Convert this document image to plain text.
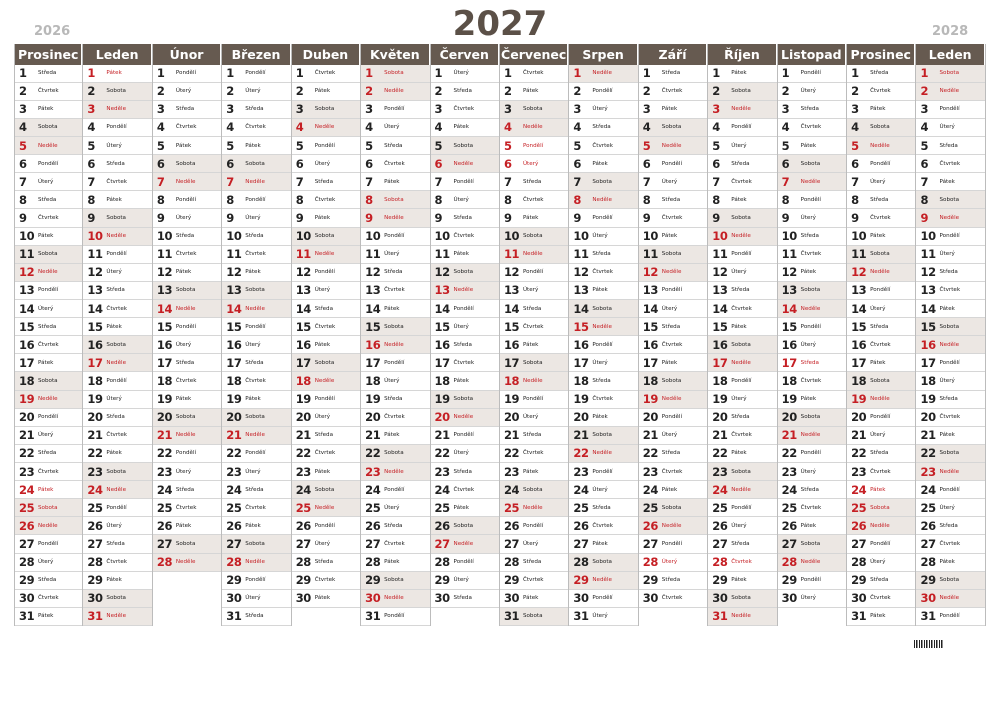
2026	2027	2028
Prosinec
1	Středa
2	Čtvrtek
3	Pátek
4	Sobota
5	Neděle
6	Pondělí
7	Úterý
8	Středa
9	Čtvrtek
10 Pátek
11 Sobota
12 Neděle
13 Pondělí
14 Úterý
15 Středa
16 Čtvrtek
17 Pátek
18 Sobota
19 Neděle
20 Pondělí
21 Úterý
22 Středa
23 Čtvrtek
24 Pátek
25 Sobota
26 Neděle
27 Pondělí
28 Úterý
29 Středa
30 Čtvrtek
31 Pátek
Leden
1	Pátek
2	Sobota
3	Neděle
4	Pondělí
5	Úterý
6	Středa
7	Čtvrtek
8	Pátek
9	Sobota
10 Neděle
11 Pondělí
12 Úterý
13 Středa
14 Čtvrtek
15 Pátek
16 Sobota
17 Neděle
18 Pondělí
19 Úterý
20 Středa
21 Čtvrtek
22 Pátek
23 Sobota
24 Neděle
25 Pondělí
26 Úterý
27 Středa
28 Čtvrtek
29 Pátek
30 Sobota
31 Neděle
Únor
1	Pondělí
2	Úterý
3	Středa
4	Čtvrtek
5	Pátek
6	Sobota
7	Neděle
8	Pondělí
9	Úterý
10 Středa
11 Čtvrtek
12 Pátek
13 Sobota
14 Neděle
15 Pondělí
16 Úterý
17 Středa
18 Čtvrtek
19 Pátek
20 Sobota
21 Neděle
22 Pondělí
23 Úterý
24 Středa
25 Čtvrtek
26 Pátek
27 Sobota
28 Neděle
Březen
1	Pondělí
2	Úterý
3	Středa
4	Čtvrtek
5	Pátek
6	Sobota
7	Neděle
8	Pondělí
9	Úterý
10 Středa
11 Čtvrtek
12 Pátek
13 Sobota
14 Neděle
15 Pondělí
16 Úterý
17 Středa
18 Čtvrtek
19 Pátek
20 Sobota
21 Neděle
22 Pondělí
23 Úterý
24 Středa
25 Čtvrtek
26 Pátek
27 Sobota
28 Neděle
29 Pondělí
30 Úterý
31 Středa
Duben
1	Čtvrtek
2	Pátek
3	Sobota
4	Neděle
5	Pondělí
6	Úterý
7	Středa
8	Čtvrtek
9	Pátek
10 Sobota
11 Neděle
12 Pondělí
13 Úterý
14 Středa
15 Čtvrtek
16 Pátek
17 Sobota
18 Neděle
19 Pondělí
20 Úterý
21 Středa
22 Čtvrtek
23 Pátek
24 Sobota
25 Neděle
26 Pondělí
27 Úterý
28 Středa
29 Čtvrtek
30 Pátek
Květen
1	Sobota
2	Neděle
3	Pondělí
4	Úterý
5	Středa
6	Čtvrtek
7	Pátek
8	Sobota
9	Neděle
10 Pondělí
11 Úterý
12 Středa
13 Čtvrtek
14 Pátek
15 Sobota
16 Neděle
17 Pondělí
18 Úterý
19 Středa
20 Čtvrtek
21 Pátek
22 Sobota
23 Neděle
24 Pondělí
25 Úterý
26 Středa
27 Čtvrtek
28 Pátek
29 Sobota
30 Neděle
31 Pondělí
Červen
1	Úterý
2	Středa
3	Čtvrtek
4	Pátek
5	Sobota
6	Neděle
7	Pondělí
8	Úterý
9	Středa
10 Čtvrtek
11 Pátek
12 Sobota
13 Neděle
14 Pondělí
15 Úterý
16 Středa
17 Čtvrtek
18 Pátek
19 Sobota
20 Neděle
21 Pondělí
22 Úterý
23 Středa
24 Čtvrtek
25 Pátek
26 Sobota
27 Neděle
28 Pondělí
29 Úterý
30 Středa
Červenec
1	Čtvrtek
2	Pátek
3	Sobota
4	Neděle
5	Pondělí
6	Úterý
7	Středa
8	Čtvrtek
9	Pátek
10 Sobota
11 Neděle
12 Pondělí
13 Úterý
14 Středa
15 Čtvrtek
16 Pátek
17 Sobota
18 Neděle
19 Pondělí
20 Úterý
21 Středa
22 Čtvrtek
23 Pátek
24 Sobota
25 Neděle
26 Pondělí
27 Úterý
28 Středa
29 Čtvrtek
30 Pátek
31 Sobota
Srpen
1	Neděle
2	Pondělí
3	Úterý
4	Středa
5	Čtvrtek
6	Pátek
7	Sobota
8	Neděle
9	Pondělí
10 Úterý
11 Středa
12 Čtvrtek
13 Pátek
14 Sobota
15 Neděle
16 Pondělí
17 Úterý
18 Středa
19 Čtvrtek
20 Pátek
21 Sobota
22 Neděle
23 Pondělí
24 Úterý
25 Středa
26 Čtvrtek
27 Pátek
28 Sobota
29 Neděle
30 Pondělí
31 Úterý
Září
1	Středa
2	Čtvrtek
3	Pátek
4	Sobota
5	Neděle
6	Pondělí
7	Úterý
8	Středa
9	Čtvrtek
10 Pátek
11 Sobota
12 Neděle
13 Pondělí
14 Úterý
15 Středa
16 Čtvrtek
17 Pátek
18 Sobota
19 Neděle
20 Pondělí
21 Úterý
22 Středa
23 Čtvrtek
24 Pátek
25 Sobota
26 Neděle
27 Pondělí
28 Úterý
29 Středa
30 Čtvrtek
Říjen
1	Pátek
2	Sobota
3	Neděle
4	Pondělí
5	Úterý
6	Středa
7	Čtvrtek
8	Pátek
9	Sobota
10 Neděle
11 Pondělí
12 Úterý
13 Středa
14 Čtvrtek
15 Pátek
16 Sobota
17 Neděle
18 Pondělí
19 Úterý
20 Středa
21 Čtvrtek
22 Pátek
23 Sobota
24 Neděle
25 Pondělí
26 Úterý
27 Středa
28 Čtvrtek
29 Pátek
30 Sobota
31 Neděle
Listopad
1	Pondělí
2	Úterý
3	Středa
4	Čtvrtek
5	Pátek
6	Sobota
7	Neděle
8	Pondělí
9	Úterý
10 Středa
11 Čtvrtek
12 Pátek
13 Sobota
14 Neděle
15 Pondělí
16 Úterý
17 Středa
18 Čtvrtek
19 Pátek
20 Sobota
21 Neděle
22 Pondělí
23 Úterý
24 Středa
25 Čtvrtek
26 Pátek
27 Sobota
28 Neděle
29 Pondělí
30 Úterý
Prosinec
1	Středa
2	Čtvrtek
3	Pátek
4	Sobota
5	Neděle
6	Pondělí
7	Úterý
8	Středa
9	Čtvrtek
10 Pátek
11 Sobota
12 Neděle
13 Pondělí
14 Úterý
15 Středa
16 Čtvrtek
17 Pátek
18 Sobota
19 Neděle
20 Pondělí
21 Úterý
22 Středa
23 Čtvrtek
24 Pátek
25 Sobota
26 Neděle
27 Pondělí
28 Úterý
29 Středa
30 Čtvrtek
31 Pátek
Leden
1	Sobota
2	Neděle
3	Pondělí
4	Úterý
5	Středa
6	Čtvrtek
7	Pátek
8	Sobota
9	Neděle
10 Pondělí
11 Úterý
12 Středa
13 Čtvrtek
14 Pátek
15 Sobota
16 Neděle
17 Pondělí
18 Úterý
19 Středa
20 Čtvrtek
21 Pátek
22 Sobota
23 Neděle
24 Pondělí
25 Úterý
26 Středa
27 Čtvrtek
28 Pátek
29 Sobota
30 Neděle
31 Pondělí
